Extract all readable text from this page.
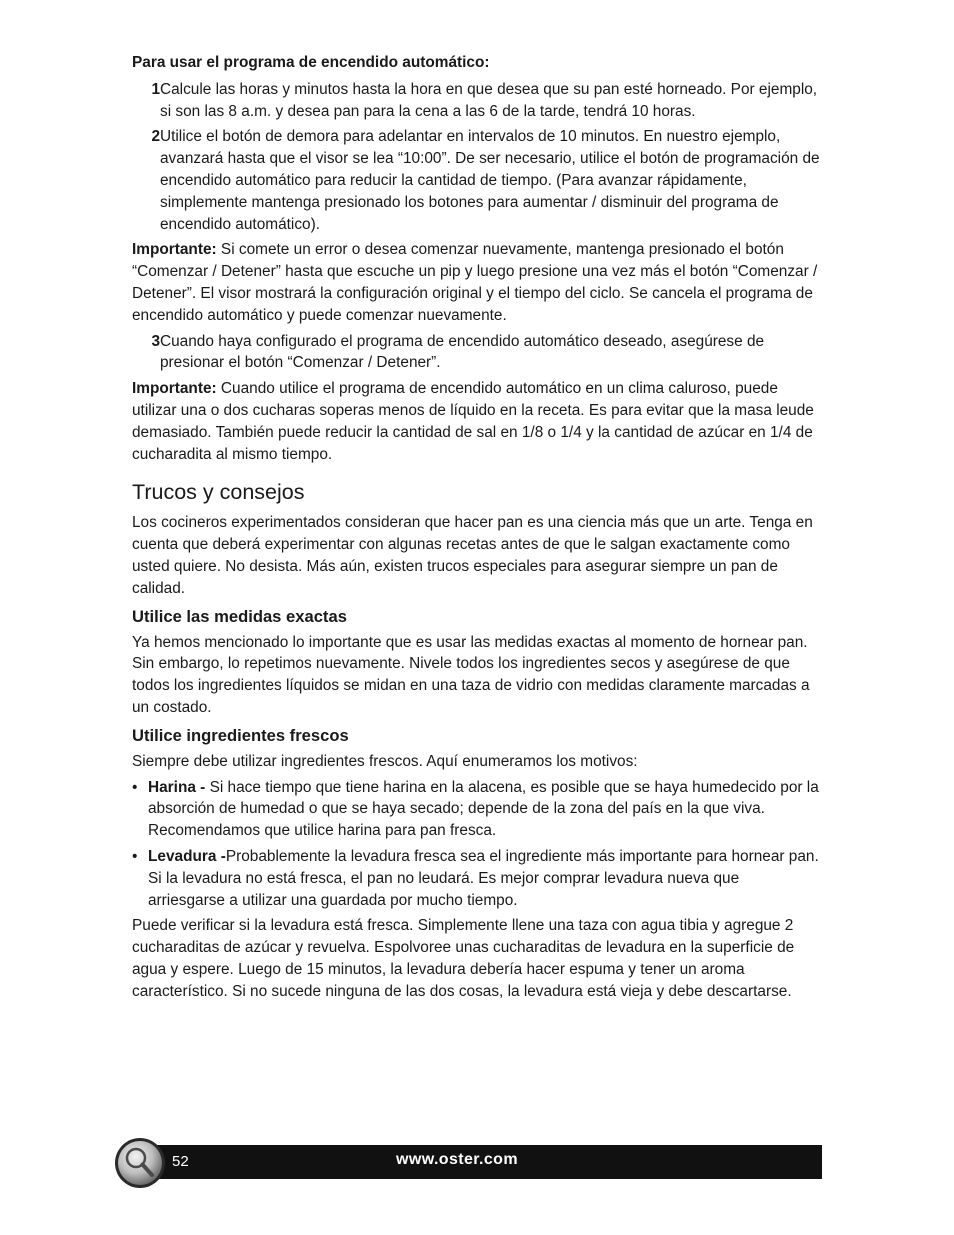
Para usar el programa de encendido automático:

1 Calcule las horas y minutos hasta la hora en que desea que su pan esté horneado. Por ejemplo, si son las 8 a.m. y desea pan para la cena a las 6 de la tarde, tendrá 10 horas.
2 Utilice el botón de demora para adelantar en intervalos de 10 minutos. En nuestro ejemplo, avanzará hasta que el visor se lea “10:00”. De ser necesario, utilice el botón de programación de encendido automático para reducir la cantidad de tiempo. (Para avanzar rápidamente, simplemente mantenga presionado los botones para aumentar / disminuir del programa de encendido automático).

Importante: Si comete un error o desea comenzar nuevamente, mantenga presionado el botón “Comenzar / Detener” hasta que escuche un pip y luego presione una vez más el botón “Comenzar / Detener”. El visor mostrará la configuración original y el tiempo del ciclo. Se cancela el programa de encendido automático y puede comenzar nuevamente.

3 Cuando haya configurado el programa de encendido automático deseado, asegúrese de presionar el botón “Comenzar / Detener”.

Importante: Cuando utilice el programa de encendido automático en un clima caluroso, puede utilizar una o dos cucharas soperas menos de líquido en la receta. Es para evitar que la masa leude demasiado. También puede reducir la cantidad de sal en 1/8 o 1/4 y la cantidad de azúcar en 1/4 de cucharadita al mismo tiempo.

Trucos y consejos

Los cocineros experimentados consideran que hacer pan es una ciencia más que un arte. Tenga en cuenta que deberá experimentar con algunas recetas antes de que le salgan exactamente como usted quiere. No desista. Más aún, existen trucos especiales para asegurar siempre un pan de calidad.

Utilice las medidas exactas

Ya hemos mencionado lo importante que es usar las medidas exactas al momento de hornear pan. Sin embargo, lo repetimos nuevamente. Nivele todos los ingredientes secos y asegúrese de que todos los ingredientes líquidos se midan en una taza de vidrio con medidas claramente marcadas a un costado.

Utilice ingredientes frescos

Siempre debe utilizar ingredientes frescos. Aquí enumeramos los motivos:

• Harina - Si hace tiempo que tiene harina en la alacena, es posible que se haya humedecido por la absorción de humedad o que se haya secado; depende de la zona del país en la que viva. Recomendamos que utilice harina para pan fresca.
• Levadura -Probablemente la levadura fresca sea el ingrediente más importante para hornear pan. Si la levadura no está fresca, el pan no leudará. Es mejor comprar levadura nueva que arriesgarse a utilizar una guardada por mucho tiempo.

Puede verificar si la levadura está fresca. Simplemente llene una taza con agua tibia y agregue 2 cucharaditas de azúcar y revuelva. Espolvoree unas cucharaditas de levadura en la superficie de agua y espere. Luego de 15 minutos, la levadura debería hacer espuma y tener un aroma característico. Si no sucede ninguna de las dos cosas, la levadura está vieja y debe descartarse.

52	www.oster.com
